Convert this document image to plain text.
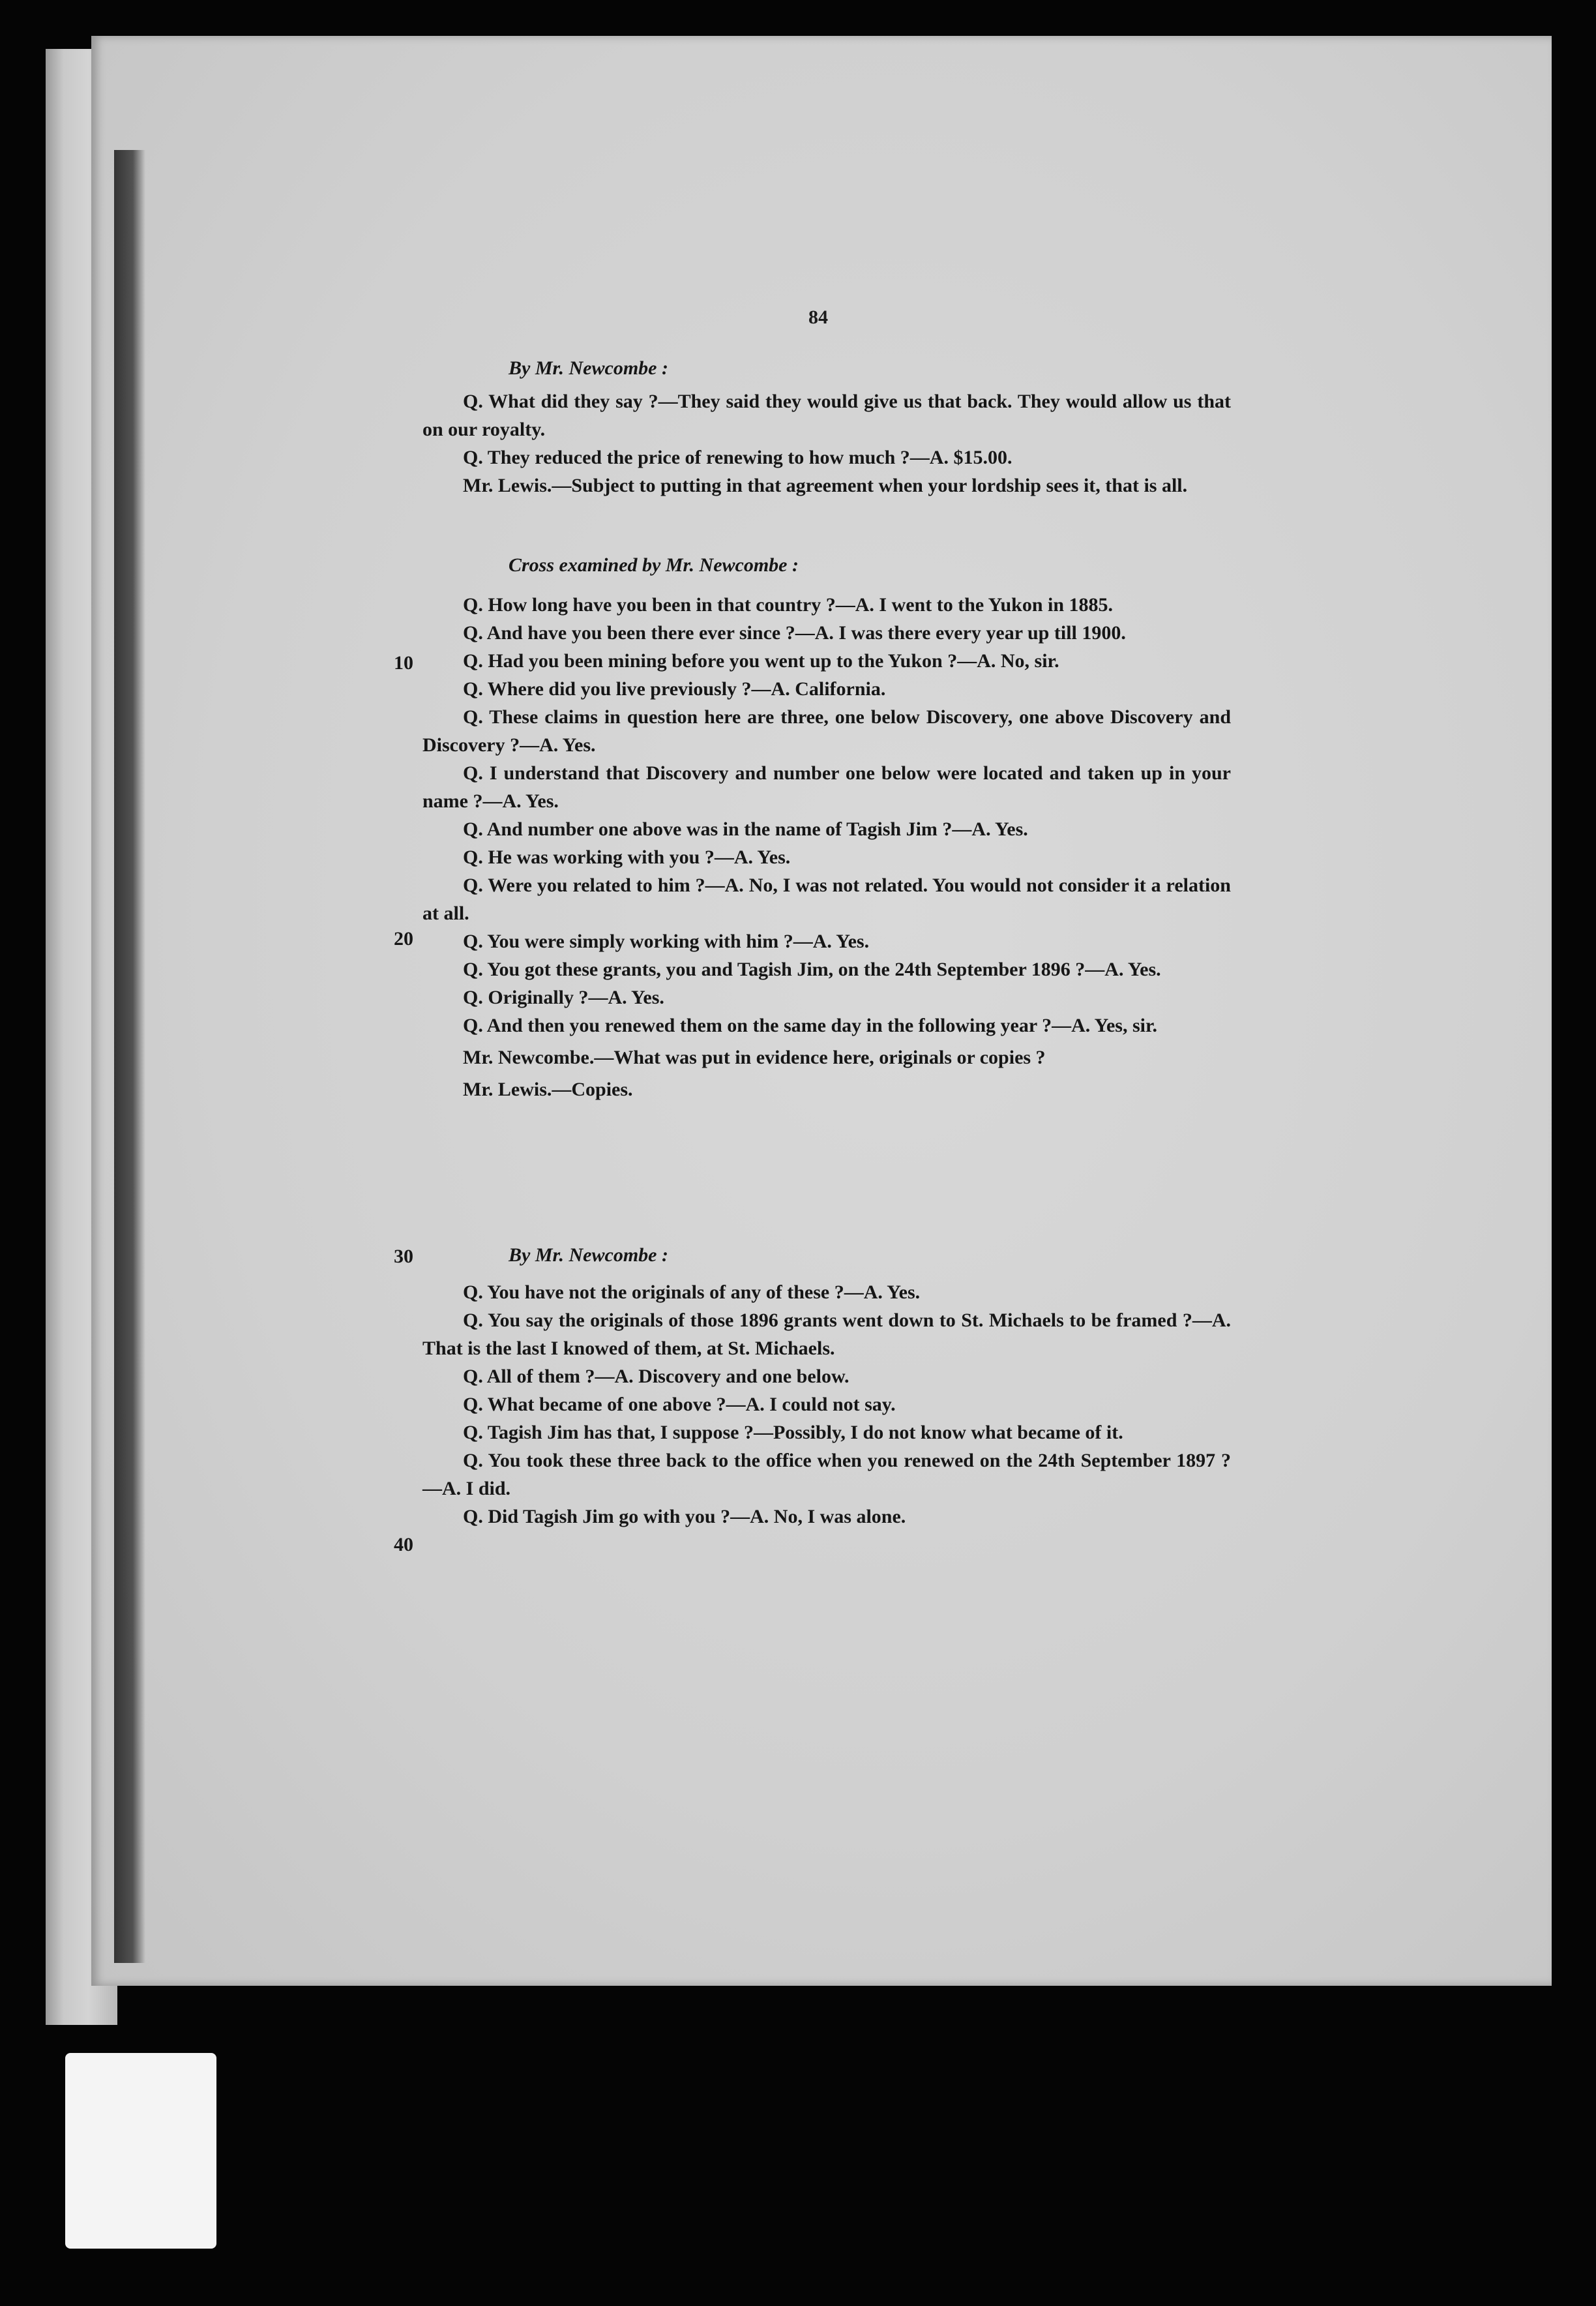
84
By Mr. Newcombe :

Q. What did they say ?—They said they would give us that back. They would allow us that on our royalty.

Q. They reduced the price of renewing to how much ?—A. $15.00.

Mr. Lewis.—Subject to putting in that agreement when your lordship sees it, that is all.

Cross examined by Mr. Newcombe :

Q. How long have you been in that country ?—A. I went to the Yukon in 1885.

Q. And have you been there ever since ?—A. I was there every year up till 1900.

Q. Had you been mining before you went up to the Yukon ?—A. No, sir.

Q. Where did you live previously ?—A. California.

Q. These claims in question here are three, one below Discovery, one above Discovery and Discovery ?—A. Yes.

Q. I understand that Discovery and number one below were located and taken up in your name ?—A. Yes.

Q. And number one above was in the name of Tagish Jim ?—A. Yes.

Q. He was working with you ?—A. Yes.

Q. Were you related to him ?—A. No, I was not related. You would not consider it a relation at all.

Q. You were simply working with him ?—A. Yes.

Q. You got these grants, you and Tagish Jim, on the 24th September 1896 ?—A. Yes.

Q. Originally ?—A. Yes.

Q. And then you renewed them on the same day in the following year ?—A. Yes, sir.

Mr. Newcombe.—What was put in evidence here, originals or copies ?

Mr. Lewis.—Copies.

By Mr. Newcombe :

Q. You have not the originals of any of these ?—A. Yes.

Q. You say the originals of those 1896 grants went down to St. Michaels to be framed ?—A. That is the last I knowed of them, at St. Michaels.

Q. All of them ?—A. Discovery and one below.

Q. What became of one above ?—A. I could not say.

Q. Tagish Jim has that, I suppose ?—Possibly, I do not know what became of it.

Q. You took these three back to the office when you renewed on the 24th September 1897 ?—A. I did.

Q. Did Tagish Jim go with you ?—A. No, I was alone.

10
20
30
40
